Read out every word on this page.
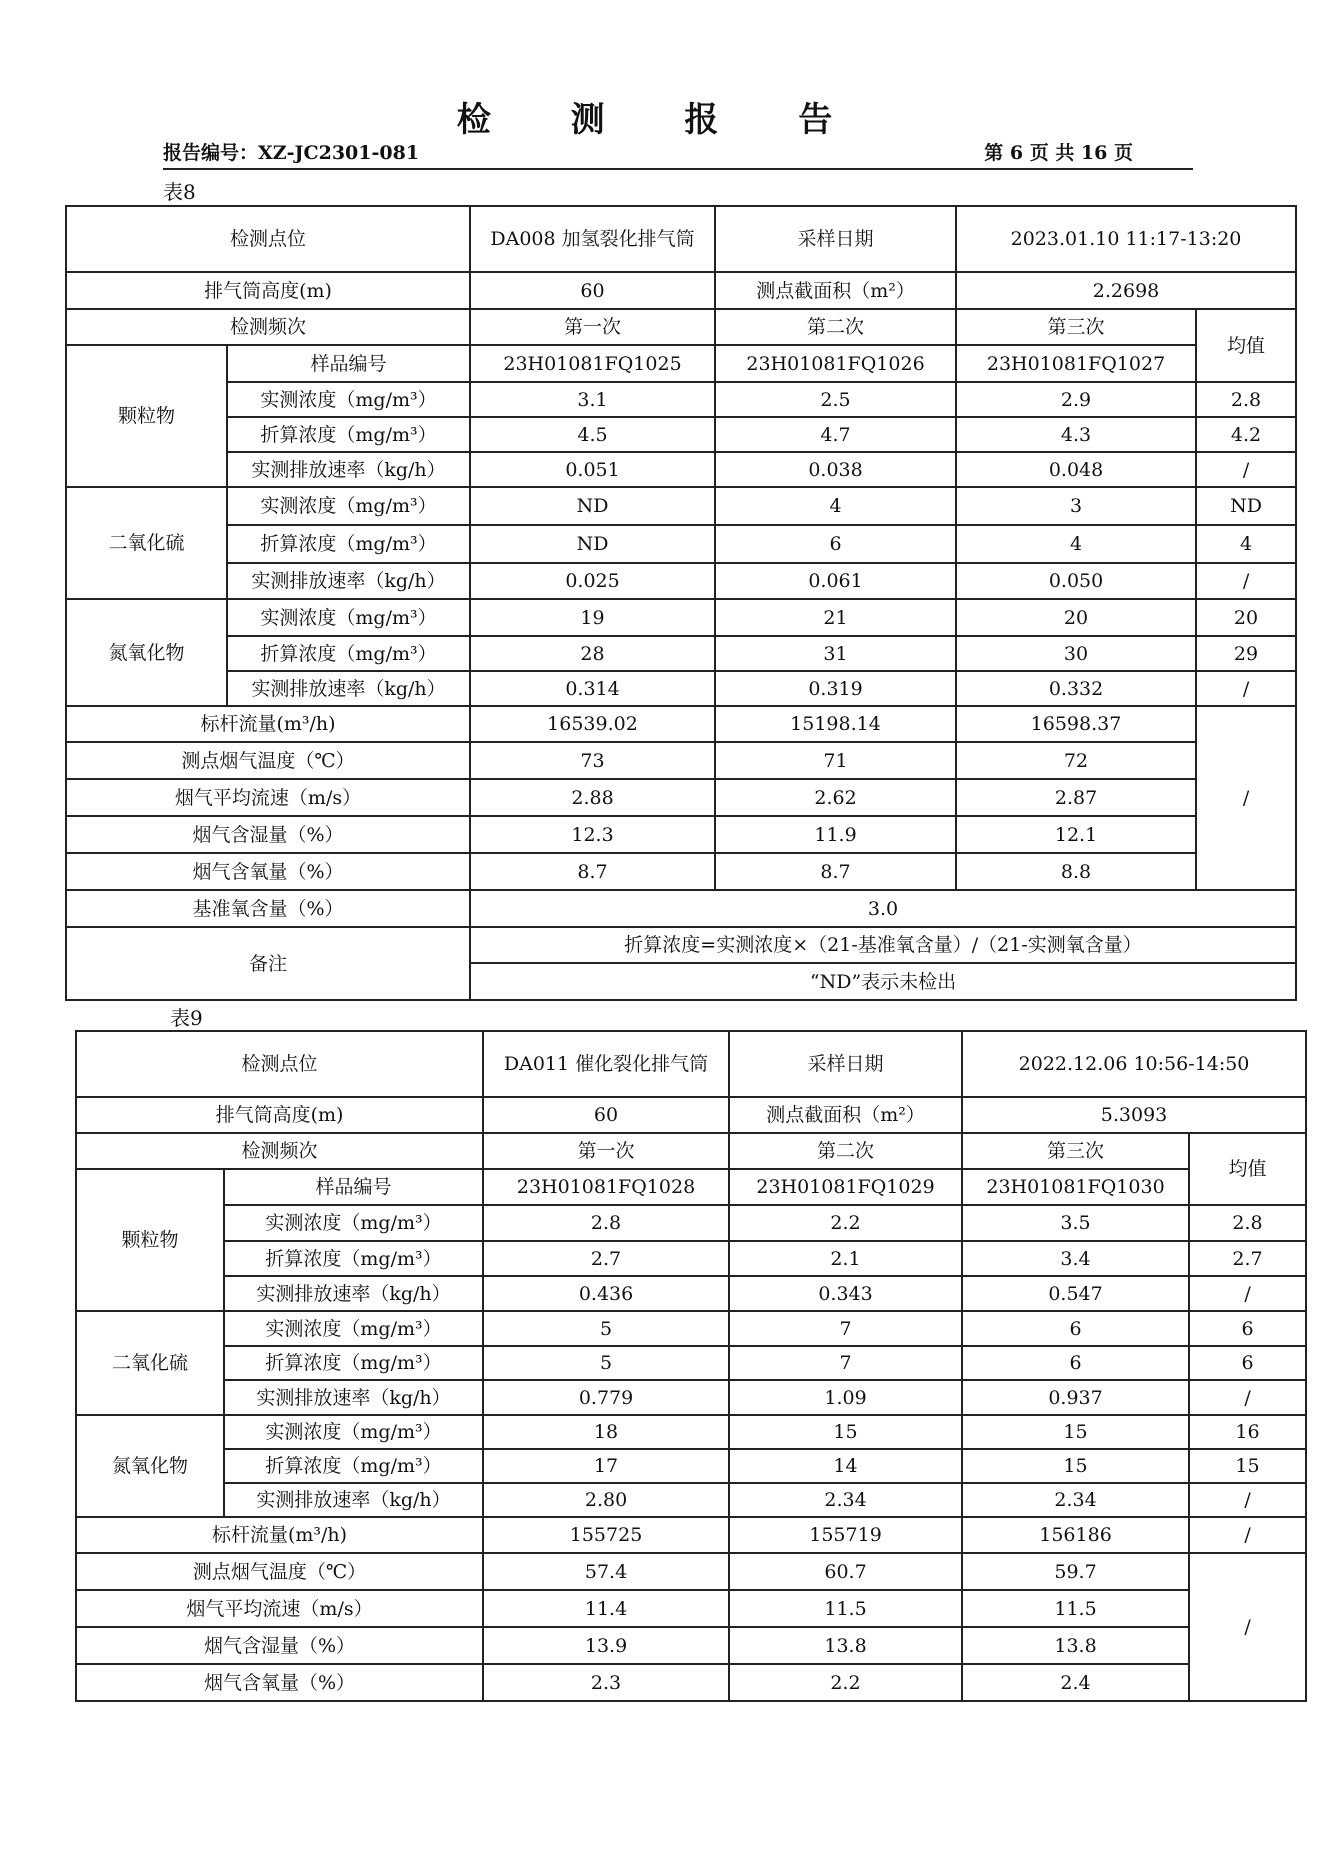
检 测 报 告
报告编号：XZ-JC2301-081	第 6 页 共 16 页
表8
检测点位		DA008 加氢裂化排气筒	采样日期	2023.01.10 11:17-13:20	
排气筒高度(m)		60	测点截面积（m²）	2.2698	
检测频次		第一次	第二次	第三次	均值
颗粒物	样品编号	23H01081FQ1025	23H01081FQ1026	23H01081FQ1027	
	实测浓度（mg/m³）	3.1	2.5	2.9	2.8
	折算浓度（mg/m³）	4.5	4.7	4.3	4.2
	实测排放速率（kg/h）	0.051	0.038	0.048	/
二氧化硫	实测浓度（mg/m³）	ND	4	3	ND
	折算浓度（mg/m³）	ND	6	4	4
	实测排放速率（kg/h）	0.025	0.061	0.050	/
氮氧化物	实测浓度（mg/m³）	19	21	20	20
	折算浓度（mg/m³）	28	31	30	29
	实测排放速率（kg/h）	0.314	0.319	0.332	/
标杆流量(m³/h)		16539.02	15198.14	16598.37	/
测点烟气温度（℃）		73	71	72	
烟气平均流速（m/s）		2.88	2.62	2.87	
烟气含湿量（%）		12.3	11.9	12.1	
烟气含氧量（%）		8.7	8.7	8.8	
基准氧含量（%）		3.0			
备注		折算浓度=实测浓度×（21-基准氧含量）/（21-实测氧含量）			
		“ND”表示未检出			
表9
检测点位		DA011 催化裂化排气筒	采样日期	2022.12.06 10:56-14:50	
排气筒高度(m)		60	测点截面积（m²）	5.3093	
检测频次		第一次	第二次	第三次	均值
颗粒物	样品编号	23H01081FQ1028	23H01081FQ1029	23H01081FQ1030	
	实测浓度（mg/m³）	2.8	2.2	3.5	2.8
	折算浓度（mg/m³）	2.7	2.1	3.4	2.7
	实测排放速率（kg/h）	0.436	0.343	0.547	/
二氧化硫	实测浓度（mg/m³）	5	7	6	6
	折算浓度（mg/m³）	5	7	6	6
	实测排放速率（kg/h）	0.779	1.09	0.937	/
氮氧化物	实测浓度（mg/m³）	18	15	15	16
	折算浓度（mg/m³）	17	14	15	15
	实测排放速率（kg/h）	2.80	2.34	2.34	/
标杆流量(m³/h)		155725	155719	156186	/
测点烟气温度（℃）		57.4	60.7	59.7	/
烟气平均流速（m/s）		11.4	11.5	11.5	
烟气含湿量（%）		13.9	13.8	13.8	
烟气含氧量（%）		2.3	2.2	2.4	
